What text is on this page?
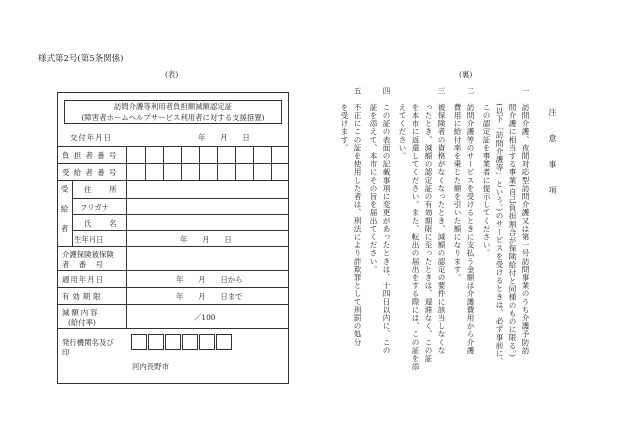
様式第2号(第5条関係)
(表)	(裏)
訪問介護等利用者負担額減額認定証
(障害者ホームヘルプサービス利用者に対する支援措置)
交付年月日	年　　月　　日
負 担 者 番 号
受 給 者 番 号
受給者 住　　所
フリガナ
氏　　名
生年月日	年　　月　　日
介護保険被保険
者　番　号
適用年月日	年　　月　　日から
有効期限	年　　月　　日まで
減額内容
(給付率)
／100
発行機関名及び
印
河内長野市
注　意　事　項
一　訪問介護、夜間対応型訪問介護又は第一号訪問事業のうち介護予防訪
　　問介護に相当する事業(自己負担割合が保険給付と同様のものに限る。)
　　(以下「訪問介護等」という。)のサービスを受けるときは、必ず事前に、
　　この認定証を事業者に提示してください。
二　訪問介護等のサービスを受けるときに支払う金額は介護費用から介護
　　費用に給付率を乗じた額を引いた額になります。
三　被保険者の資格がなくなったとき、減額の認定の要件に該当しなくな
　　ったとき、減額の認定証の有効期限に至ったときは、遅滞なく、この証
　　を本市に返還してください。また、転出の届出をする際には、この証を添
　　えてください。
四　この証の表面の記載事項に変更があったときは、十四日以内に、この
　　証を添えて、本市にその旨を届出てください。
五　不正にこの証を使用した者は、刑法により詐欺罪として刑罰の処分
　　を受けます。
